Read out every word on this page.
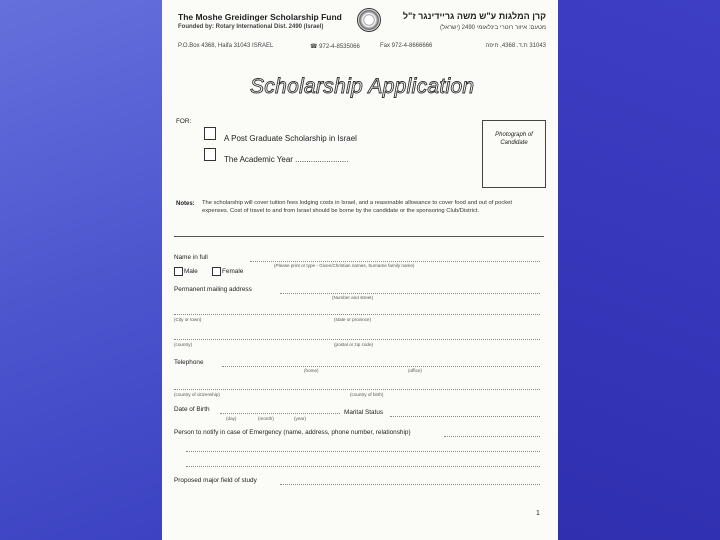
The Moshe Greidinger Scholarship Fund
Founded by: Rotary International Dist. 2490 (Israel)
קרן המלגות ע"ש משה גריידינגר ז"ל
מטעם: איזור רוטרי בינלאומי 2490 (ישראל)
P.O.Box 4368, Haifa 31043 ISRAEL	☎ 972-4-8535066	Fax 972-4-8666666	31043 ת.ד. 4368, חיפה
Scholarship Application
FOR:
A Post Graduate Scholarship in Israel
The Academic Year ........................
Photograph of Candidate
Notes: The scholarship will cover tuition fees lodging costs in Israel, and a reasonable allowance to cover food and out of pocket expenses. Cost of travel to and from Israel should be borne by the candidate or the sponsoring Club/District.
Name in full
(Please print or type - Given/Christian names, Surname family name)
Male	Female
Permanent mailing address
(Number and street)
(City or town)	(state or province)
(country)	(postal or zip code)
Telephone
(home)	(office)
(country of citizenship)	(country of birth)
Date of Birth
(day)	(month)	(year)
Marital Status
Person to notify in case of Emergency (name, address, phone number, relationship)
Proposed major field of study
1
